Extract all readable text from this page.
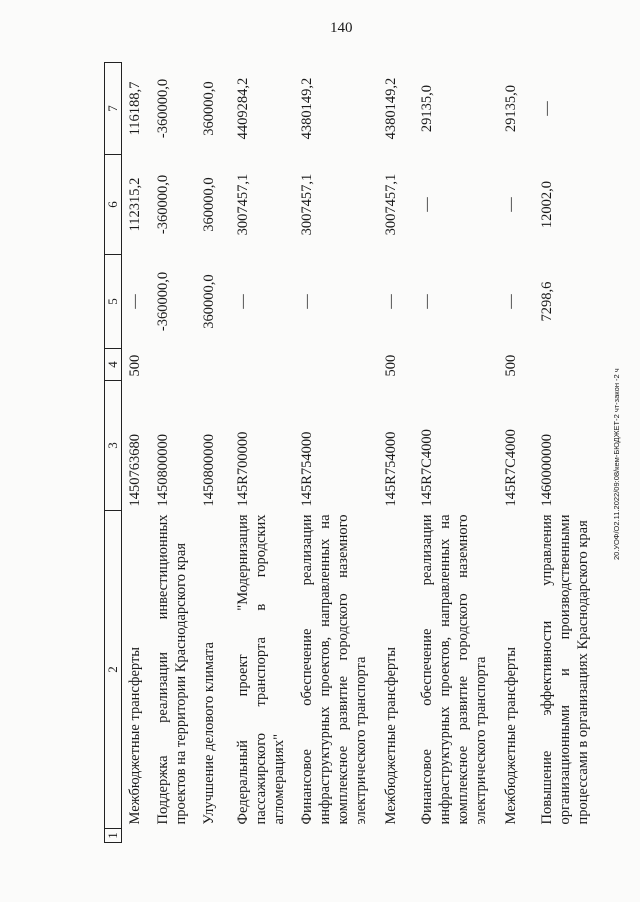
140
20.УОФ/О2.11.2022/09:08/кем-БЮДЖЕТ-2 чт-закон -2 ч
1	2	3	4	5	6	7
	Межбюджетные трансферты	1450763680	500	—	112315,2	116188,7
	Поддержка реализации инвестиционных проектов на территории Краснодарского края	1450800000		-360000,0	-360000,0	-360000,0
	Улучшение делового климата	1450800000		360000,0	360000,0	360000,0
	Федеральный проект "Модернизация пассажирского транспорта в городских агломерациях"	145R700000		—	3007457,1	4409284,2
	Финансовое обеспечение реализации инфраструктурных проектов, направленных на комплексное развитие городского наземного электрического транспорта	145R754000		—	3007457,1	4380149,2
	Межбюджетные трансферты	145R754000	500	—	3007457,1	4380149,2
	Финансовое обеспечение реализации инфраструктурных проектов, направленных на комплексное развитие городского наземного электрического транспорта	145R7C4000		—	—	29135,0
	Межбюджетные трансферты	145R7C4000	500	—	—	29135,0
	Повышение эффективности управления организационными и производственными процессами в организациях Краснодарского края	1460000000		7298,6	12002,0	—
